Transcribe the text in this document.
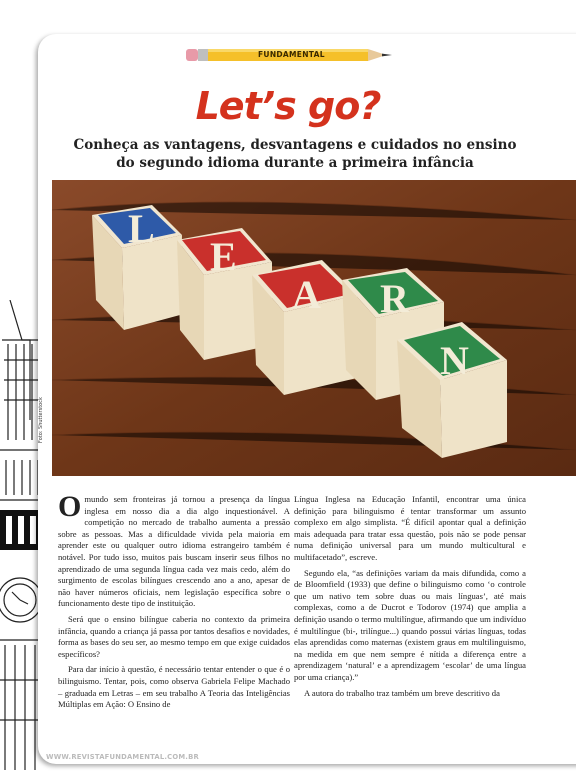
FUNDAMENTAL
Let’s go?
Conheça as vantagens, desvantagens e cuidados no ensino do segundo idioma durante a primeira infância
L
E
A R
N
Foto: Shutterstock

O mundo sem fronteiras já tornou a presença da língua inglesa em nosso dia a dia algo inquestionável. A competição no mercado de trabalho aumenta a pressão sobre as pessoas. Mas a dificuldade vivida pela maioria em aprender este ou qualquer outro idioma estrangeiro também é notável. Por tudo isso, muitos pais buscam inserir seus filhos no aprendizado de uma segunda língua cada vez mais cedo, além do surgimento de escolas bilíngues crescendo ano a ano, apesar de não haver números oficiais, nem legislação específica sobre o funcionamento deste tipo de instituição.

Será que o ensino bilíngue caberia no contexto da primeira infância, quando a criança já passa por tantos desafios e novidades, forma as bases do seu ser, ao mesmo tempo em que exige cuidados específicos?

Para dar início à questão, é necessário tentar entender o que é o bilinguismo. Tentar, pois, como observa Gabriela Felipe Machado – graduada em Letras – em seu trabalho A Teoria das Inteligências Múltiplas em Ação: O Ensino de

Língua Inglesa na Educação Infantil, encontrar uma única definição para bilinguismo é tentar transformar um assunto complexo em algo simplista. “É difícil apontar qual a definição mais adequada para tratar essa questão, pois não se pode pensar numa definição universal para um mundo multicultural e multifacetado”, escreve.

Segundo ela, “as definições variam da mais difundida, como a de Bloomfield (1933) que define o bilinguismo como ‘o controle que um nativo tem sobre duas ou mais línguas’, até mais complexas, como a de Ducrot e Todorov (1974) que amplia a definição usando o termo multilíngue, afirmando que um indivíduo é multilíngue (bi-, trilíngue...) quando possui várias línguas, todas elas aprendidas como maternas (existem graus em multilinguismo, na medida em que nem sempre é nítida a diferença entre a aprendizagem ‘natural’ e a aprendizagem ‘escolar’ de uma língua por uma criança).”

A autora do trabalho traz também um breve descritivo da

WWW.REVISTAFUNDAMENTAL.COM.BR
